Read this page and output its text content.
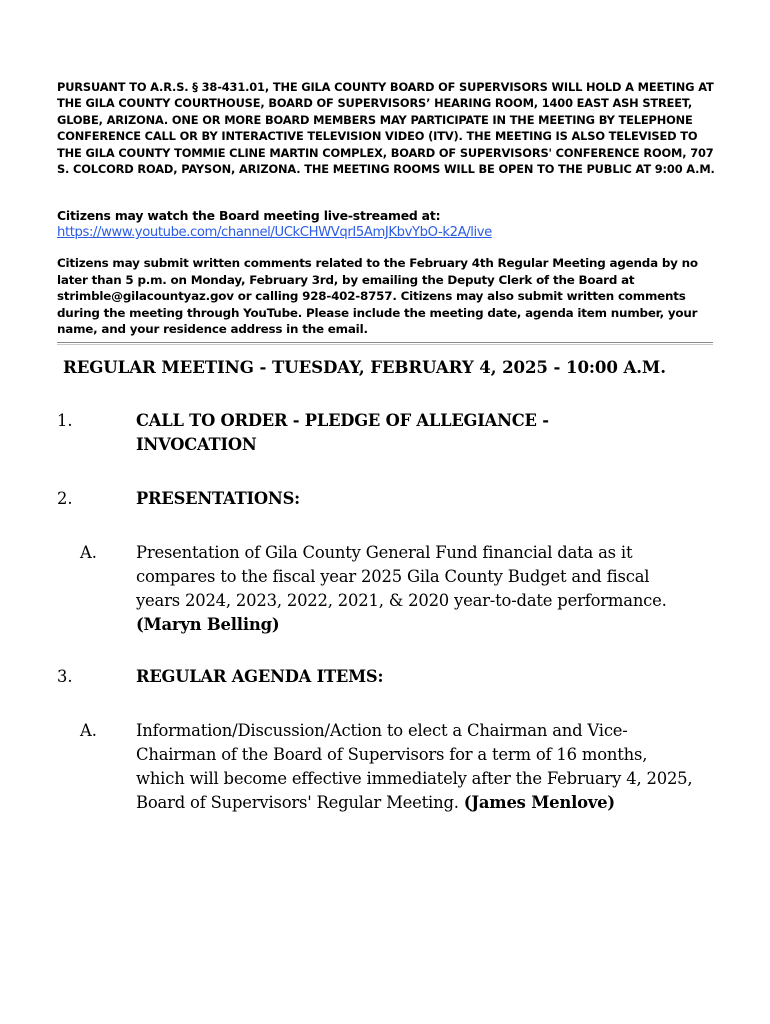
PURSUANT TO A.R.S. § 38-431.01, THE GILA COUNTY BOARD OF SUPERVISORS WILL HOLD A MEETING AT THE GILA COUNTY COURTHOUSE, BOARD OF SUPERVISORS’ HEARING ROOM, 1400 EAST ASH STREET, GLOBE, ARIZONA. ONE OR MORE BOARD MEMBERS MAY PARTICIPATE IN THE MEETING BY TELEPHONE CONFERENCE CALL OR BY INTERACTIVE TELEVISION VIDEO (ITV). THE MEETING IS ALSO TELEVISED TO THE GILA COUNTY TOMMIE CLINE MARTIN COMPLEX, BOARD OF SUPERVISORS' CONFERENCE ROOM, 707 S. COLCORD ROAD, PAYSON, ARIZONA. THE MEETING ROOMS WILL BE OPEN TO THE PUBLIC AT 9:00 A.M.
Citizens may watch the Board meeting live-streamed at:
https://www.youtube.com/channel/UCkCHWVqrI5AmJKbvYbO-k2A/live
Citizens may submit written comments related to the February 4th Regular Meeting agenda by no later than 5 p.m. on Monday, February 3rd, by emailing the Deputy Clerk of the Board at strimble@gilacountyaz.gov or calling 928-402-8757. Citizens may also submit written comments during the meeting through YouTube. Please include the meeting date, agenda item number, your name, and your residence address in the email.
REGULAR MEETING - TUESDAY, FEBRUARY 4, 2025 - 10:00 A.M.
1.	CALL TO ORDER - PLEDGE OF ALLEGIANCE - INVOCATION
2.	PRESENTATIONS:
A. Presentation of Gila County General Fund financial data as it compares to the fiscal year 2025 Gila County Budget and fiscal years 2024, 2023, 2022, 2021, & 2020 year-to-date performance. (Maryn Belling)
3.	REGULAR AGENDA ITEMS:
A. Information/Discussion/Action to elect a Chairman and Vice-Chairman of the Board of Supervisors for a term of 16 months, which will become effective immediately after the February 4, 2025, Board of Supervisors' Regular Meeting. (James Menlove)
